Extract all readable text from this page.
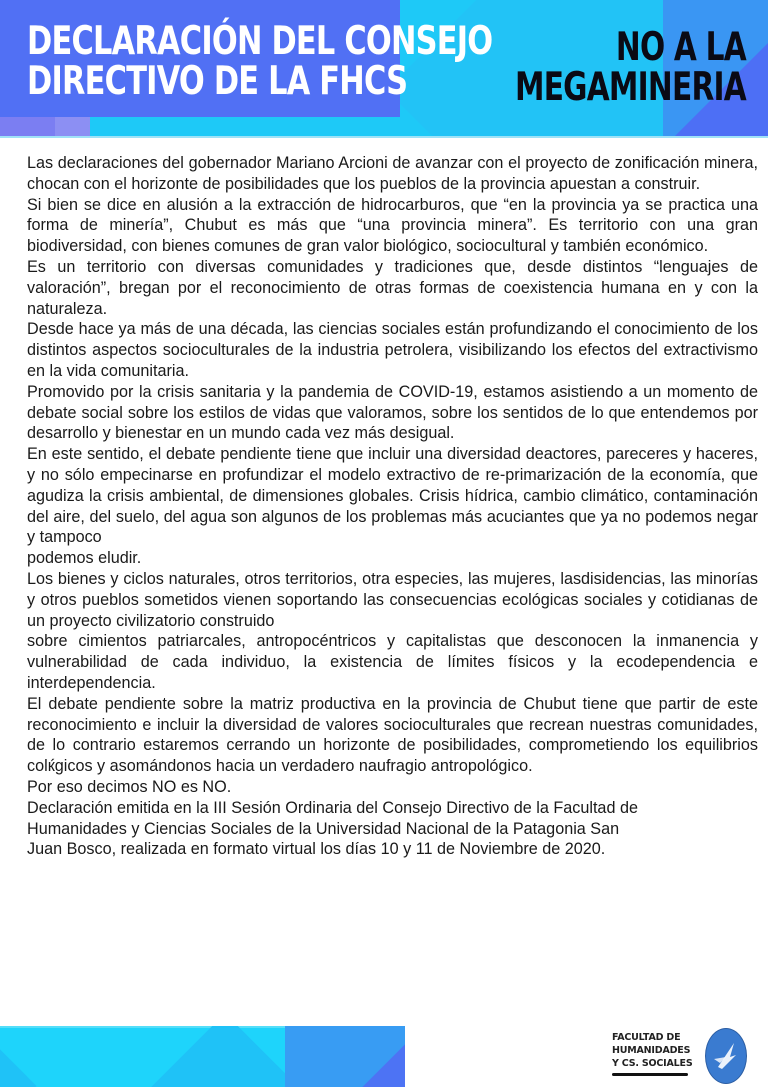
DECLARACIÓN DEL CONSEJO
DIRECTIVO DE LA FHCS
NO A LA
MEGAMINERIA

Las declaraciones del gobernador Mariano Arcioni de avanzar con el proyecto de zonificación minera, chocan con el horizonte de posibilidades que los pueblos de la provincia apuestan a construir.

Si bien se dice en alusión a la extracción de hidrocarburos, que “en la provincia ya se practica una forma de minería”, Chubut es más que “una provincia minera”. Es territorio con una gran biodiversidad, con bienes comunes de gran valor biológico, sociocultural y también económico.

Es un territorio con diversas comunidades y tradiciones que, desde distintos “lenguajes de valoración”, bregan por el reconocimiento de otras formas de coexistencia humana en y con la naturaleza.

Desde hace ya más de una década, las ciencias sociales están profundizando el conocimiento de los distintos aspectos socioculturales de la industria petrolera, visibilizando los efectos del extractivismo en la vida comunitaria.

Promovido por la crisis sanitaria y la pandemia de COVID-19, estamos asistiendo a un momento de debate social sobre los estilos de vidas que valoramos, sobre los sentidos de lo que entendemos por desarrollo y bienestar en un mundo cada vez más desigual.

En este sentido, el debate pendiente tiene que incluir una diversidad deactores, pareceres y haceres, y no sólo empecinarse en profundizar el modelo extractivo de re-primarización de la economía, que agudiza la crisis ambiental, de dimensiones globales. Crisis hídrica, cambio climático, contaminación del aire, del suelo, del agua son algunos de los problemas más acuciantes que ya no podemos negar y tampoco

podemos eludir.

Los bienes y ciclos naturales, otros territorios, otra especies, las mujeres, lasdisidencias, las minorías y otros pueblos sometidos vienen soportando las consecuencias ecológicas sociales y cotidianas de un proyecto civilizatorio construido

sobre cimientos patriarcales, antropocéntricos y capitalistas que desconocen la inmanencia y vulnerabilidad de cada individuo, la existencia de límites físicos y la ecodependencia e interdependencia.

El debate pendiente sobre la matriz productiva en la provincia de Chubut tiene que partir de este reconocimiento e incluir la diversidad de valores socioculturales que recrean nuestras comunidades, de lo contrario estaremos cerrando un horizonte de posibilidades, comprometiendo los equilibrios colќgicos y asomándonos hacia un verdadero naufragio antropológico.

Por eso decimos NO es NO.

Declaración emitida en la III Sesión Ordinaria del Consejo Directivo de la Facultad de

Humanidades y Ciencias Sociales de la Universidad Nacional de la Patagonia San

Juan Bosco, realizada en formato virtual los días 10 y 11 de Noviembre de 2020.

FACULTAD DE
HUMANIDADES
Y CS. SOCIALES
